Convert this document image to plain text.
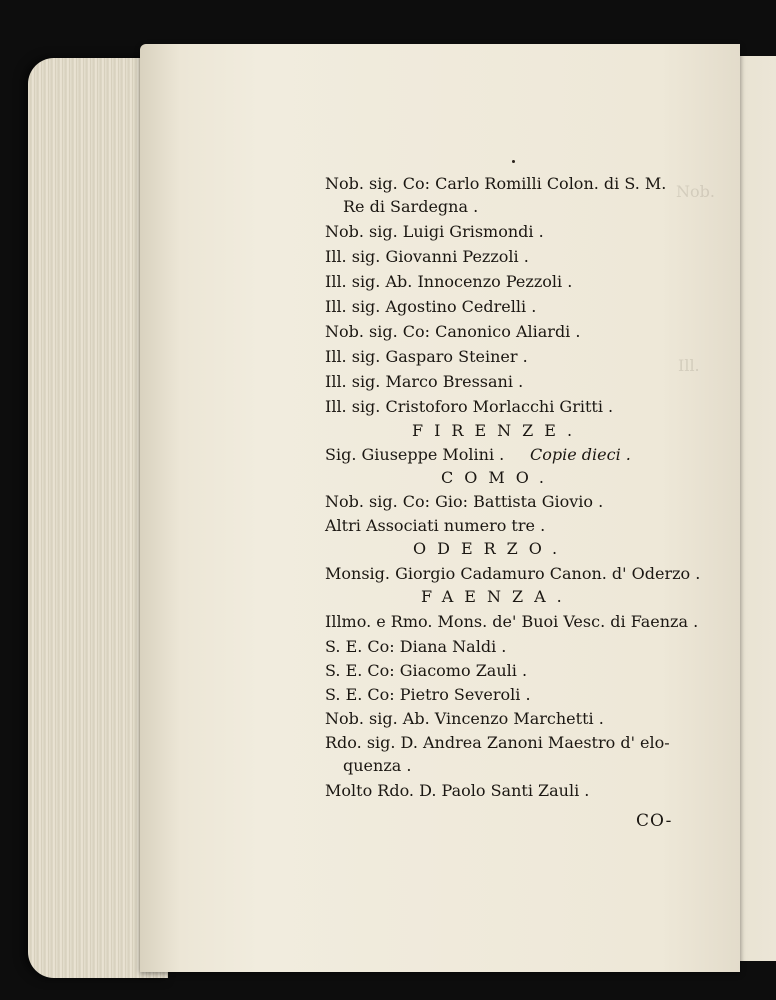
Nob.
Ill.
Nob. sig. Co: Carlo Romilli Colon. di S. M.
Re di Sardegna .
Nob. sig. Luigi Grismondi .
Ill. sig. Giovanni Pezzoli .
Ill. sig. Ab. Innocenzo Pezzoli .
Ill. sig. Agostino Cedrelli .
Nob. sig. Co: Canonico Aliardi .
Ill. sig. Gasparo Steiner .
Ill. sig. Marco Bressani .
Ill. sig. Cristoforo Morlacchi Gritti .
FIRENZE.
Sig. Giuseppe Molini . Copie dieci .
COMO.
Nob. sig. Co: Gio: Battista Giovio .
Altri Associati numero tre .
ODERZO.
Monsig. Giorgio Cadamuro Canon. d' Oderzo .
FAENZA.
Illmo. e Rmo. Mons. de' Buoi Vesc. di Faenza .
S. E. Co: Diana Naldi .
S. E. Co: Giacomo Zauli .
S. E. Co: Pietro Severoli .
Nob. sig. Ab. Vincenzo Marchetti .
Rdo. sig. D. Andrea Zanoni Maestro d' elo-
quenza .
Molto Rdo. D. Paolo Santi Zauli .
CO-
